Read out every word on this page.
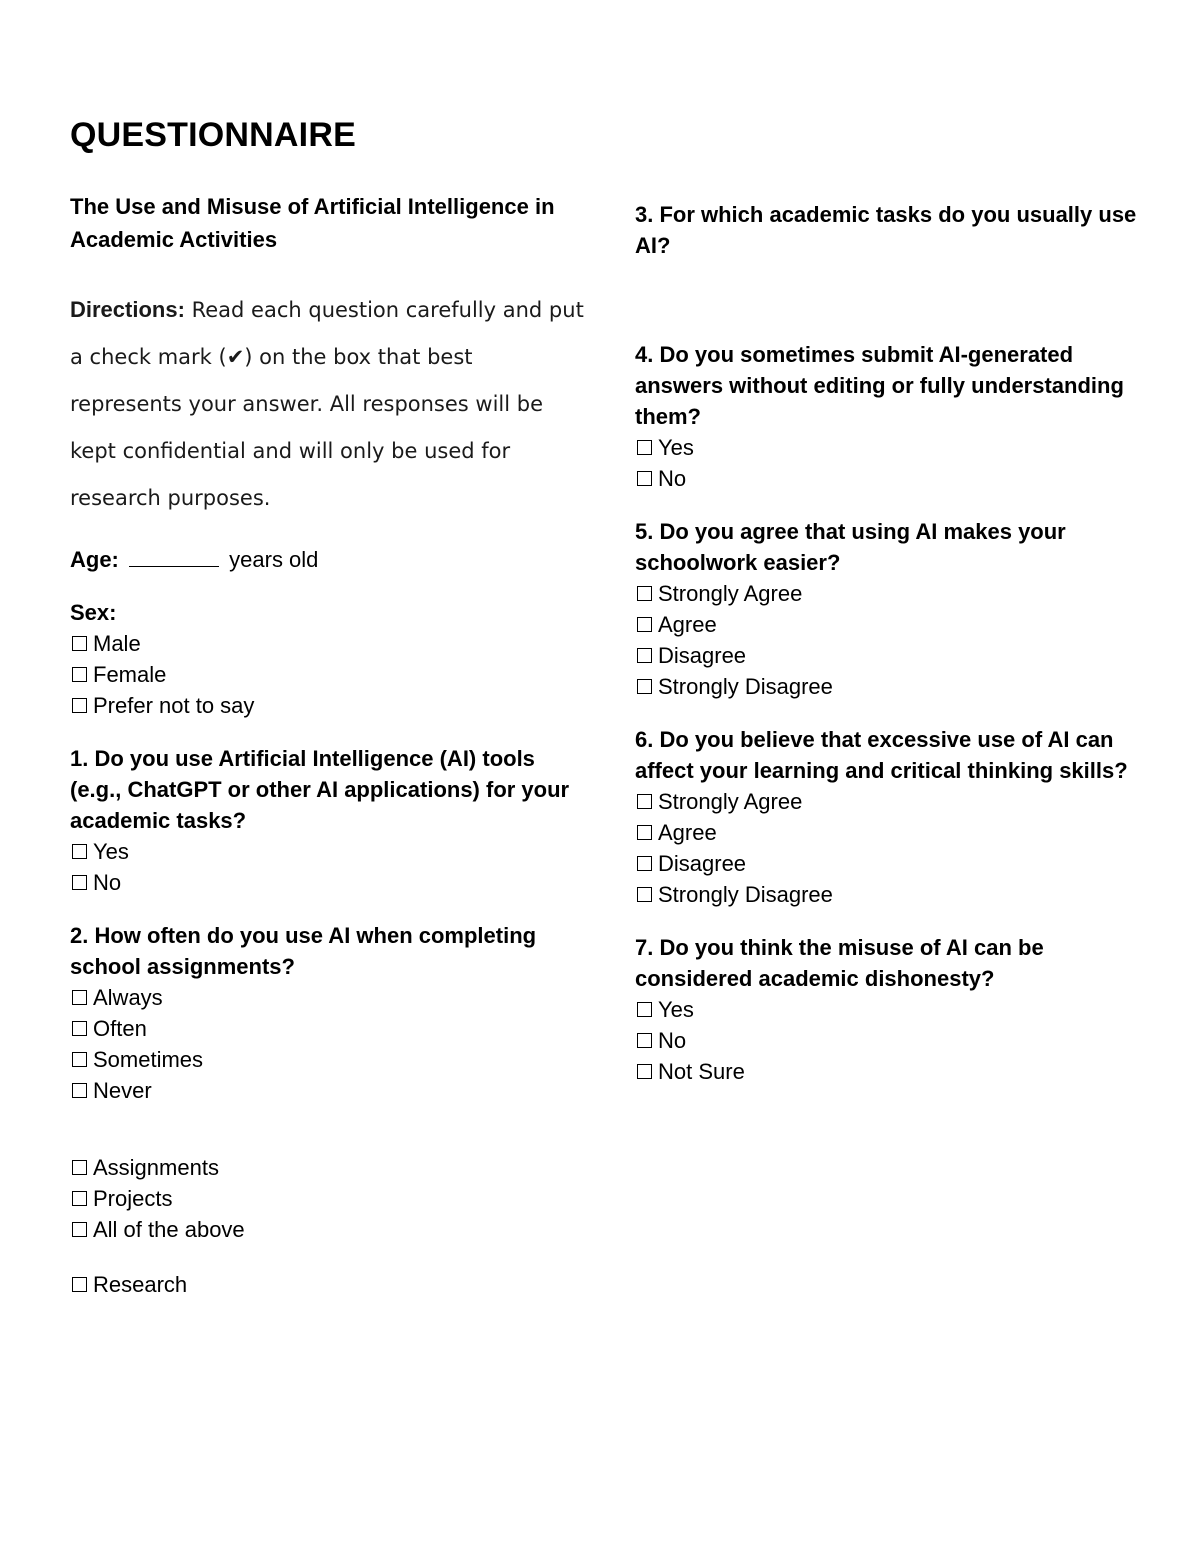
QUESTIONNAIRE
The Use and Misuse of Artificial Intelligence in Academic Activities
Directions: Read each question carefully and put a check mark (✔) on the box that best represents your answer. All responses will be kept confidential and will only be used for research purposes.
Age:	years old
Sex:
Male
Female
Prefer not to say
1. Do you use Artificial Intelligence (AI) tools (e.g., ChatGPT or other AI applications) for your academic tasks?
Yes
No
2. How often do you use AI when completing school assignments?
Always
Often
Sometimes
Never
Assignments
Projects
All of the above
Research
3. For which academic tasks do you usually use AI?
4. Do you sometimes submit AI-generated answers without editing or fully understanding them?
Yes
No
5. Do you agree that using AI makes your schoolwork easier?
Strongly Agree
Agree
Disagree
Strongly Disagree
6. Do you believe that excessive use of AI can affect your learning and critical thinking skills?
Strongly Agree
Agree
Disagree
Strongly Disagree
7. Do you think the misuse of AI can be considered academic dishonesty?
Yes
No
Not Sure
